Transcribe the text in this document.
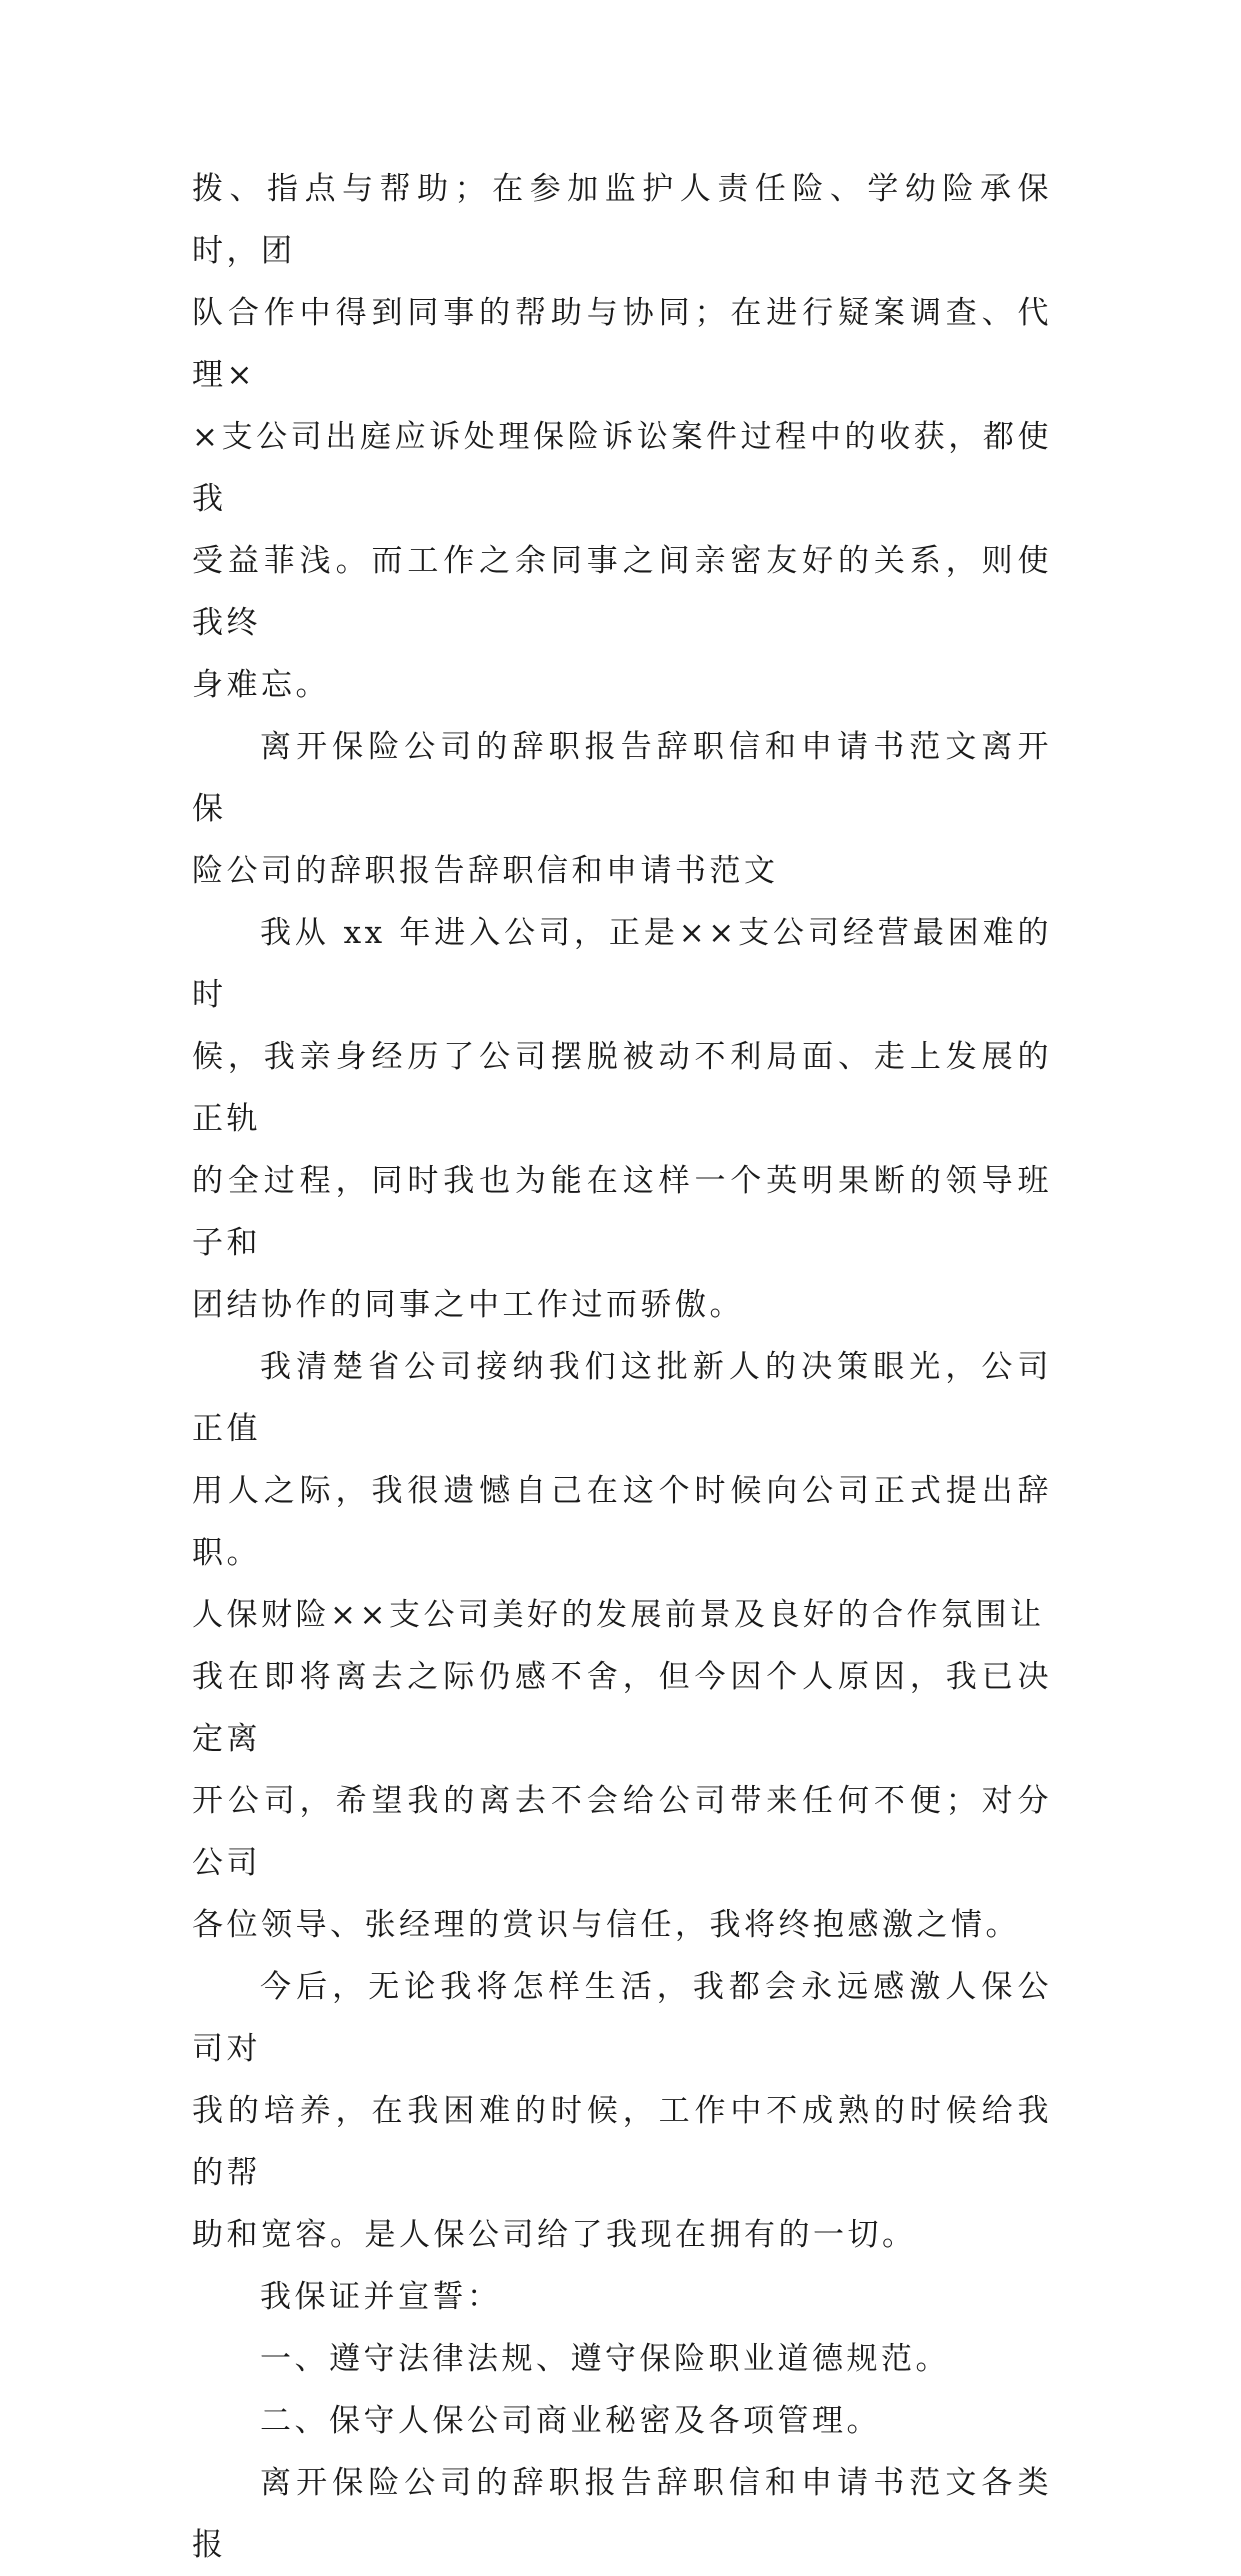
拨、指点与帮助；在参加监护人责任险、学幼险承保时，团
队合作中得到同事的帮助与协同；在进行疑案调查、代理×
×支公司出庭应诉处理保险诉讼案件过程中的收获，都使我
受益菲浅。而工作之余同事之间亲密友好的关系，则使我终
身难忘。

离开保险公司的辞职报告辞职信和申请书范文离开保
险公司的辞职报告辞职信和申请书范文

我从 xx 年进入公司，正是××支公司经营最困难的时
候，我亲身经历了公司摆脱被动不利局面、走上发展的正轨
的全过程，同时我也为能在这样一个英明果断的领导班子和
团结协作的同事之中工作过而骄傲。

我清楚省公司接纳我们这批新人的决策眼光，公司正值
用人之际，我很遗憾自己在这个时候向公司正式提出辞职。
人保财险××支公司美好的发展前景及良好的合作氛围让
我在即将离去之际仍感不舍，但今因个人原因，我已决定离
开公司，希望我的离去不会给公司带来任何不便；对分公司
各位领导、张经理的赏识与信任，我将终抱感激之情。

今后，无论我将怎样生活，我都会永远感激人保公司对
我的培养，在我困难的时候，工作中不成熟的时候给我的帮
助和宽容。是人保公司给了我现在拥有的一切。

我保证并宣誓：

一、遵守法律法规、遵守保险职业道德规范。

二、保守人保公司商业秘密及各项管理。

离开保险公司的辞职报告辞职信和申请书范文各类报
